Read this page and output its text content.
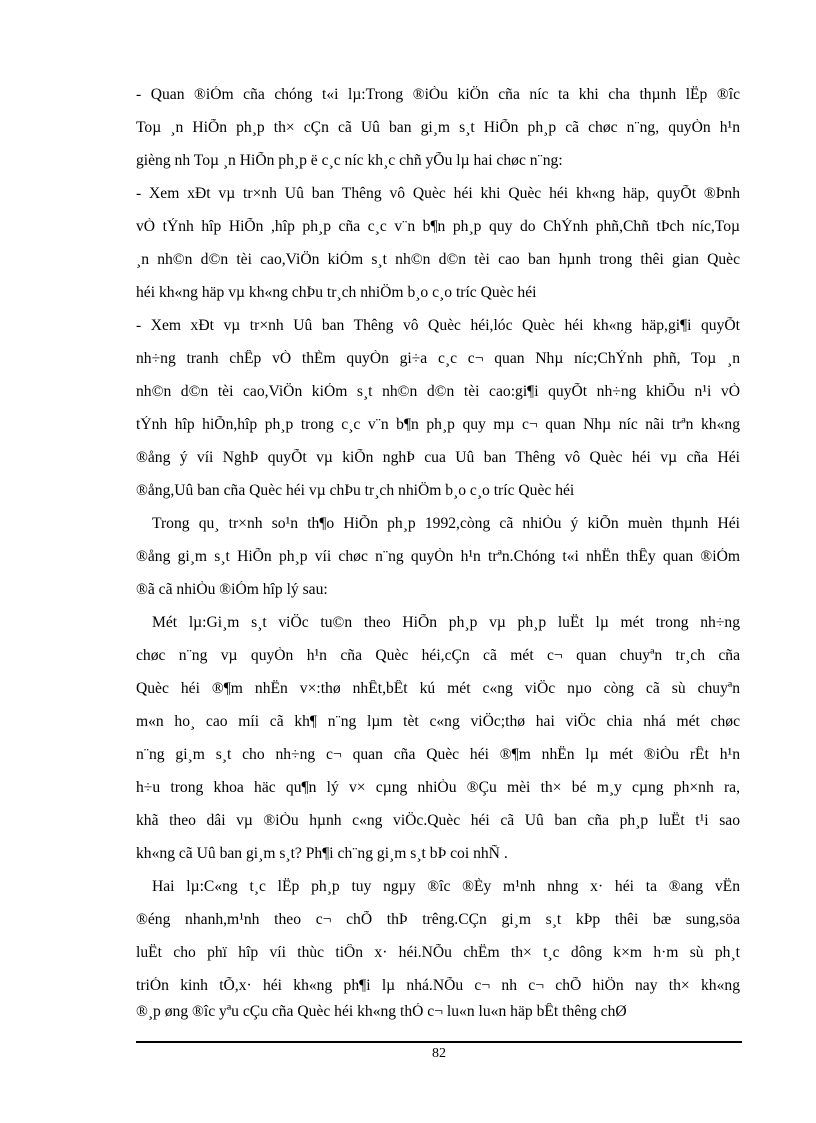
- Quan ®iÓm cña chóng t«i lµ:Trong ®iÒu kiÖn cña níc ta khi cha thµnh lËp ®îc
Toµ ¸n HiÕn ph¸p th× cÇn cã Uû ban gi¸m s¸t HiÕn ph¸p cã chøc n¨ng, quyÒn h¹n
gièng nh Toµ ¸n HiÕn ph¸p ë c¸c níc kh¸c chñ yÕu lµ hai chøc n¨ng:
- Xem xÐt vµ tr×nh Uû ban Thêng vô Quèc héi khi Quèc héi kh«ng häp, quyÕt ®Þnh
vÒ tÝnh hîp HiÕn ,hîp ph¸p cña c¸c v¨n b¶n ph¸p quy do ChÝnh phñ,Chñ tÞch níc,Toµ
¸n nh©n d©n tèi cao,ViÖn kiÓm s¸t nh©n d©n tèi cao ban hµnh trong thêi gian Quèc
héi kh«ng häp vµ kh«ng chÞu tr¸ch nhiÖm b¸o c¸o tríc Quèc héi
- Xem xÐt vµ tr×nh Uû ban Thêng vô Quèc héi,lóc Quèc héi kh«ng häp,gi¶i quyÕt
nh÷ng tranh chÊp vÒ thÈm quyÒn gi÷a c¸c c¬ quan Nhµ níc;ChÝnh phñ, Toµ ¸n
nh©n d©n tèi cao,ViÖn kiÓm s¸t nh©n d©n tèi cao:gi¶i quyÕt nh÷ng khiÕu n¹i vÒ
tÝnh hîp hiÕn,hîp ph¸p trong c¸c v¨n b¶n ph¸p quy mµ c¬ quan Nhµ níc nãi trªn kh«ng
®ång ý víi NghÞ quyÕt vµ kiÕn nghÞ cua Uû ban Thêng vô Quèc héi vµ cña Héi
®ång,Uû ban cña Quèc héi vµ chÞu tr¸ch nhiÖm b¸o c¸o tríc Quèc héi
Trong qu¸ tr×nh so¹n th¶o HiÕn ph¸p 1992,còng cã nhiÒu ý kiÕn muèn thµnh Héi
®ång gi¸m s¸t HiÕn ph¸p víi chøc n¨ng quyÒn h¹n trªn.Chóng t«i nhËn thÊy quan ®iÓm
®ã cã nhiÒu ®iÓm hîp lý sau:
Mét lµ:Gi¸m s¸t viÖc tu©n theo HiÕn ph¸p vµ ph¸p luËt lµ mét trong nh÷ng
chøc n¨ng vµ quyÒn h¹n cña Quèc héi,cÇn cã mét c¬ quan chuyªn tr¸ch cña
Quèc héi ®¶m nhËn v×:thø nhÊt,bÊt kú mét c«ng viÖc nµo còng cã sù chuyªn
m«n ho¸ cao míi cã kh¶ n¨ng lµm tèt c«ng viÖc;thø hai viÖc chia nhá mét chøc
n¨ng gi¸m s¸t cho nh÷ng c¬ quan cña Quèc héi ®¶m nhËn lµ mét ®iÒu rÊt h¹n
h÷u trong khoa häc qu¶n lý v× cµng nhiÒu ®Çu mèi th× bé m¸y cµng ph×nh ra,
khã theo dâi vµ ®iÒu hµnh c«ng viÖc.Quèc héi cã Uû ban cña ph¸p luËt t¹i sao
kh«ng cã Uû ban gi¸m s¸t? Ph¶i ch¨ng gi¸m s¸t bÞ coi nhÑ .
Hai lµ:C«ng t¸c lËp ph¸p tuy ngµy ®îc ®Èy m¹nh nhng x· héi ta ®ang vËn
®éng nhanh,m¹nh theo c¬ chÕ thÞ trêng.CÇn gi¸m s¸t kÞp thêi bæ sung,söa
luËt cho phï hîp víi thùc tiÔn x· héi.NÕu chËm th× t¸c dông k×m h·m sù ph¸t
triÓn kinh tÕ,x· héi kh«ng ph¶i lµ nhá.NÕu c¬ nh c¬ chÕ hiÖn nay th× kh«ng
®¸p øng ®îc yªu cÇu cña Quèc héi kh«ng thÓ c¬ lu«n lu«n häp bÊt thêng chØ
82
